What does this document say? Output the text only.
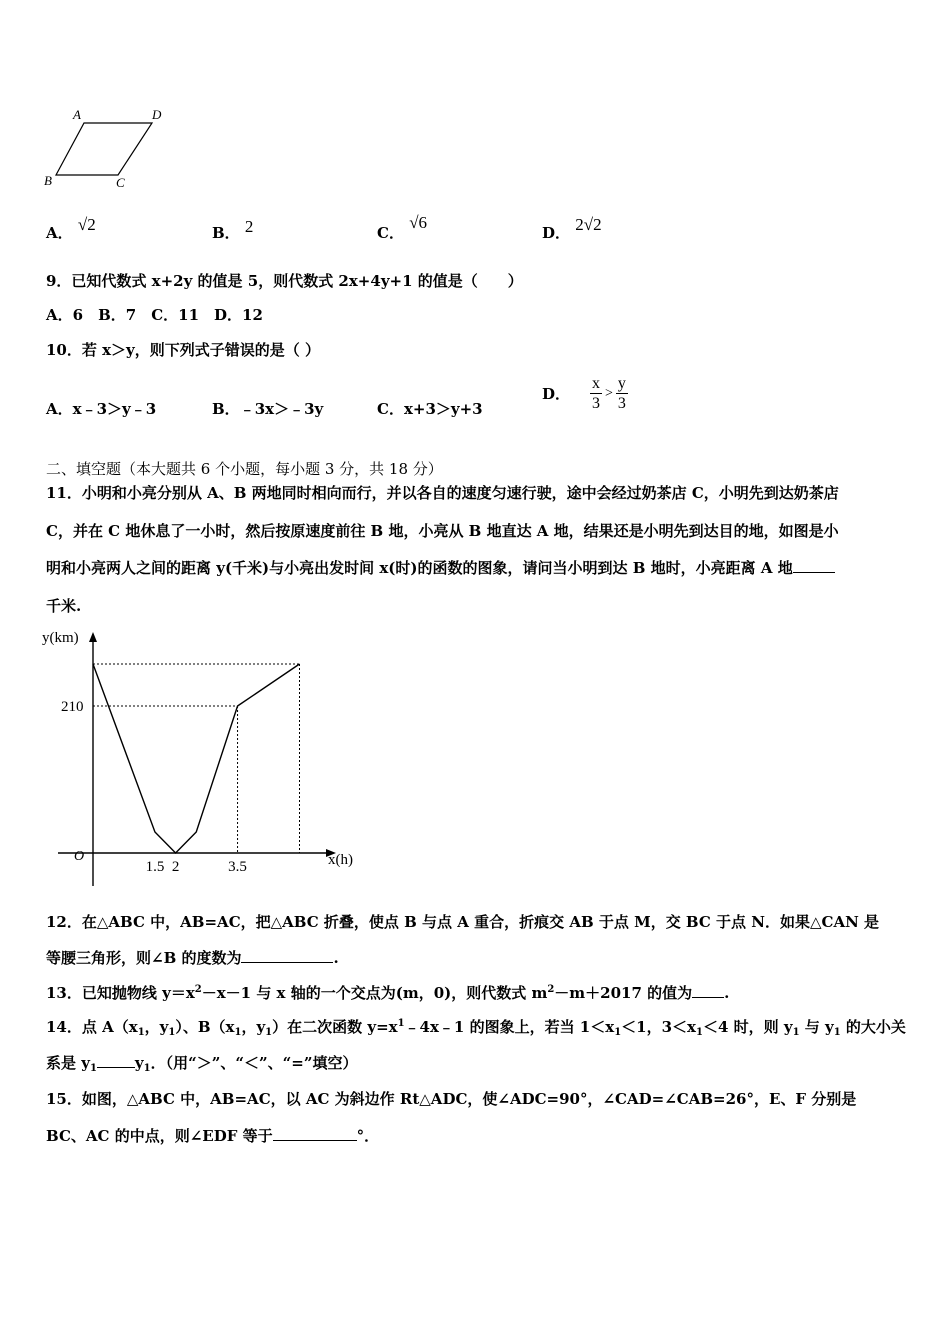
A	D
B	C
A． √2	B． 2	C． √6
D． 2√2
9．已知代数式 x+2y 的值是 5，则代数式 2x+4y+1 的值是（　　）
A．6　B．7　C．11　D．12
10．若 x＞y，则下列式子错误的是（ ）
A．x﹣3＞y﹣3	B．﹣3x＞﹣3y	C．x+3＞y+3
D． $\frac{x}{3} > \frac{y}{3}$
二、填空题（本大题共 6 个小题，每小题 3 分，共 18 分）
11．小明和小亮分别从 A、B 两地同时相向而行，并以各自的速度匀速行驶，途中会经过奶茶店 C，小明先到达奶茶店
C，并在 C 地休息了一小时，然后按原速度前往 B 地，小亮从 B 地直达 A 地，结果还是小明先到达目的地，如图是小
明和小亮两人之间的距离 y(千米)与小亮出发时间 x(时)的函数的图象，请问当小明到达 B 地时，小亮距离 A 地
千米.
y(km)
x(h)
O
210
1.5 2	3.5
12．在△ABC 中，AB=AC，把△ABC 折叠，使点 B 与点 A 重合，折痕交 AB 于点 M，交 BC 于点 N．如果△CAN 是
等腰三角形，则∠B 的度数为	.
13．已知抛物线 $y=x^2-x-1$ 与 x 轴的一个交点为(m，0)，则代数式 $m^2-m+2017$ 的值为 .
14．点 $A(x_1$，$y_1$）、$B(x_1$，$y_1$）在二次函数 $y=x^1﹣4x﹣1$ 的图象上，若当 $1<x_1<1$，$3<x_1<4$ 时，则 $y_1$ 与 $y_1$ 的大小关
系是 $y_1$	$y_1$．（用“＞”、“＜”、“=”填空）
15．如图，△ABC 中，AB=AC，以 AC 为斜边作 Rt△ADC，使∠ADC=90°，∠CAD=∠CAB=26°，E、F 分别是
BC、AC 的中点，则∠EDF 等于	°．
